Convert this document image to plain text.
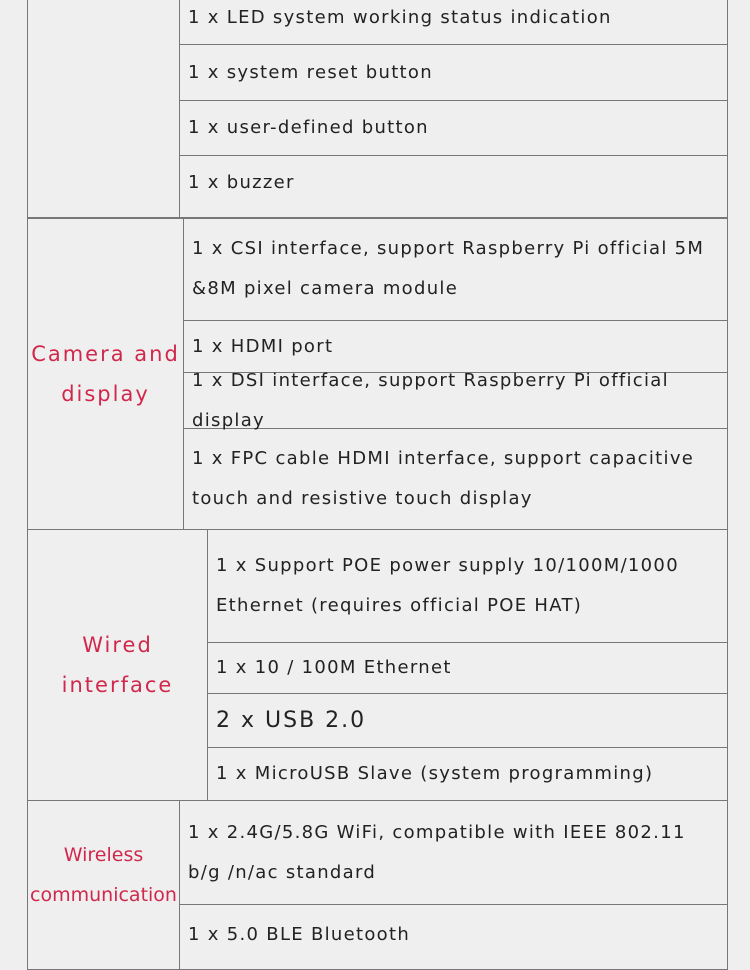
1 x LED system working status indication
1 x system reset button
1 x user-defined button
1 x buzzer
Camera and display
1 x CSI interface, support Raspberry Pi official 5M &8M pixel camera module
1 x HDMI port
1 x DSI interface, support Raspberry Pi official display
1 x FPC cable HDMI interface, support capacitive touch and resistive touch display
Wired interface
1 x Support POE power supply 10/100M/1000 Ethernet (requires official POE HAT)
1 x 10 / 100M Ethernet
2 x USB 2.0
1 x MicroUSB Slave (system programming)
Wireless communication
1 x 2.4G/5.8G WiFi, compatible with IEEE 802.11 b/g /n/ac standard
1 x 5.0 BLE Bluetooth
